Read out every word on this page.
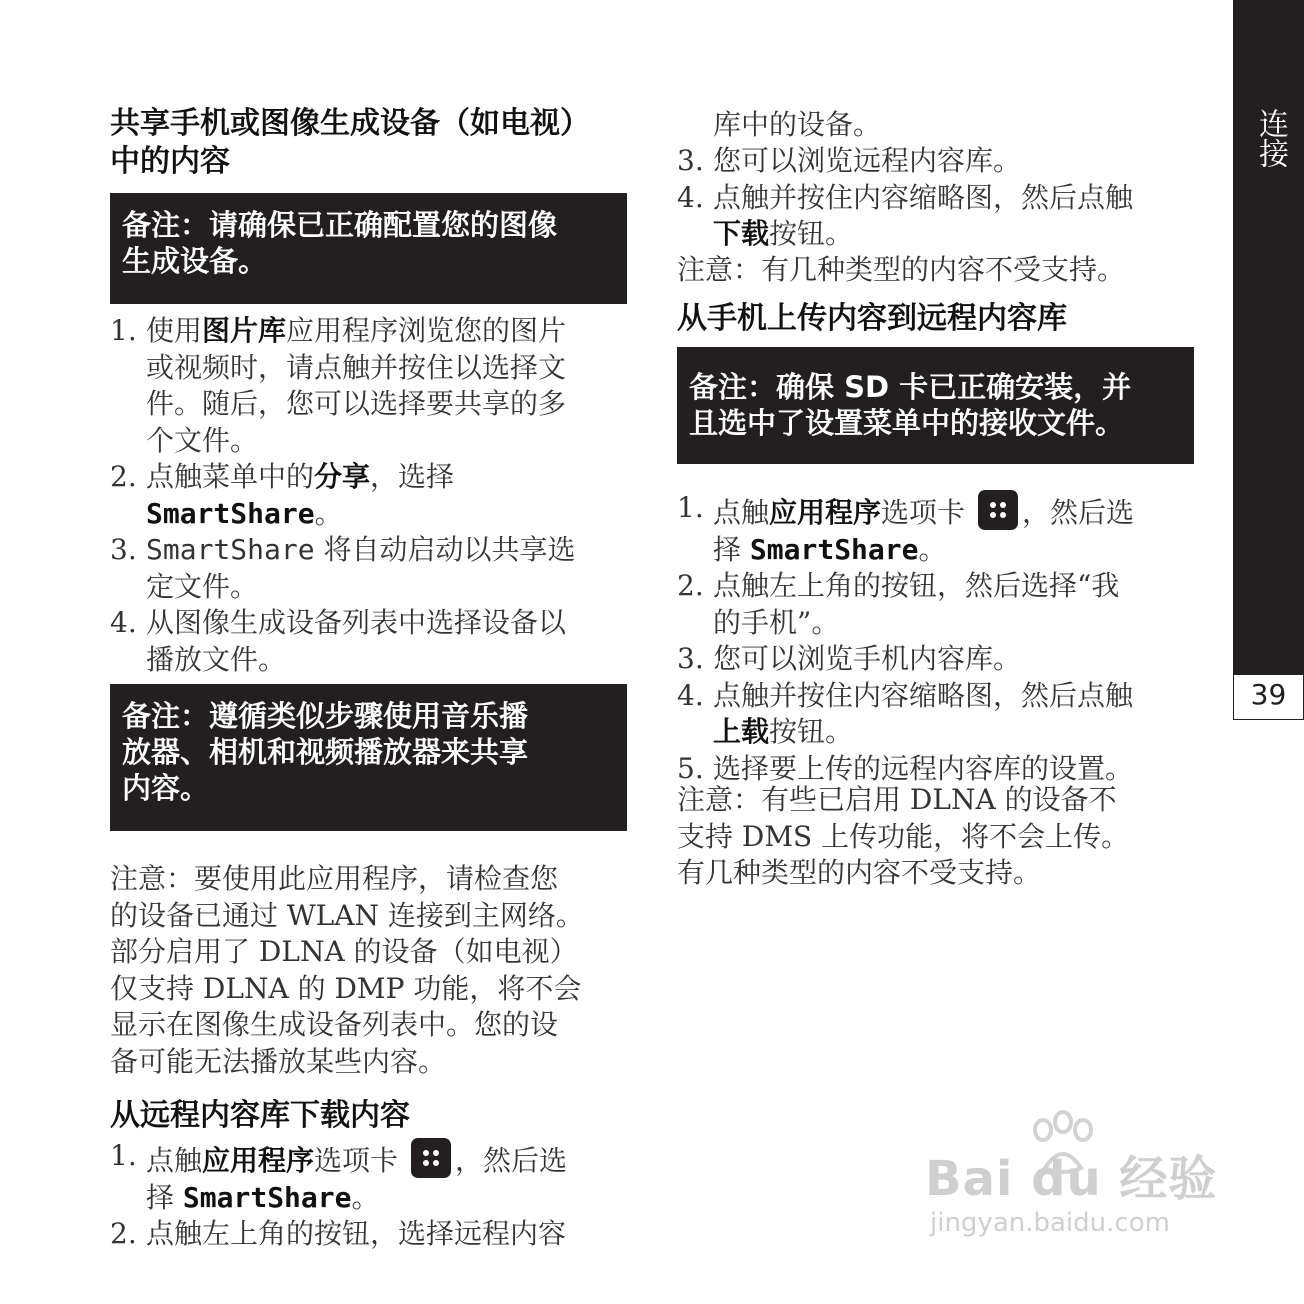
连接
39
共享手机或图像生成设备（如电视）
中的内容
备注：请确保已正确配置您的图像
生成设备。
1. 使用图片库应用程序浏览您的图片
或视频时，请点触并按住以选择文
件。随后，您可以选择要共享的多
个文件。
2. 点触菜单中的分享，选择
SmartShare。
3. SmartShare 将自动启动以共享选
定文件。
4. 从图像生成设备列表中选择设备以
播放文件。
备注：遵循类似步骤使用音乐播
放器、相机和视频播放器来共享
内容。
注意：要使用此应用程序，请检查您
的设备已通过 WLAN 连接到主网络。
部分启用了 DLNA 的设备（如电视）
仅支持 DLNA 的 DMP 功能，将不会
显示在图像生成设备列表中。您的设
备可能无法播放某些内容。
从远程内容库下载内容
1. 点触应用程序选项卡 ，然后选
择 SmartShare。
2. 点触左上角的按钮，选择远程内容
库中的设备。
3. 您可以浏览远程内容库。
4. 点触并按住内容缩略图，然后点触
下载按钮。
注意：有几种类型的内容不受支持。
从手机上传内容到远程内容库
备注：确保 SD 卡已正确安装，并
且选中了设置菜单中的接收文件。
1. 点触应用程序选项卡 ，然后选
择 SmartShare。
2. 点触左上角的按钮，然后选择“我
的手机”。
3. 您可以浏览手机内容库。
4. 点触并按住内容缩略图，然后点触
上载按钮。
5. 选择要上传的远程内容库的设置。
注意：有些已启用 DLNA 的设备不
支持 DMS 上传功能，将不会上传。
有几种类型的内容不受支持。
Bai du 经验
jingyan.baidu.com
